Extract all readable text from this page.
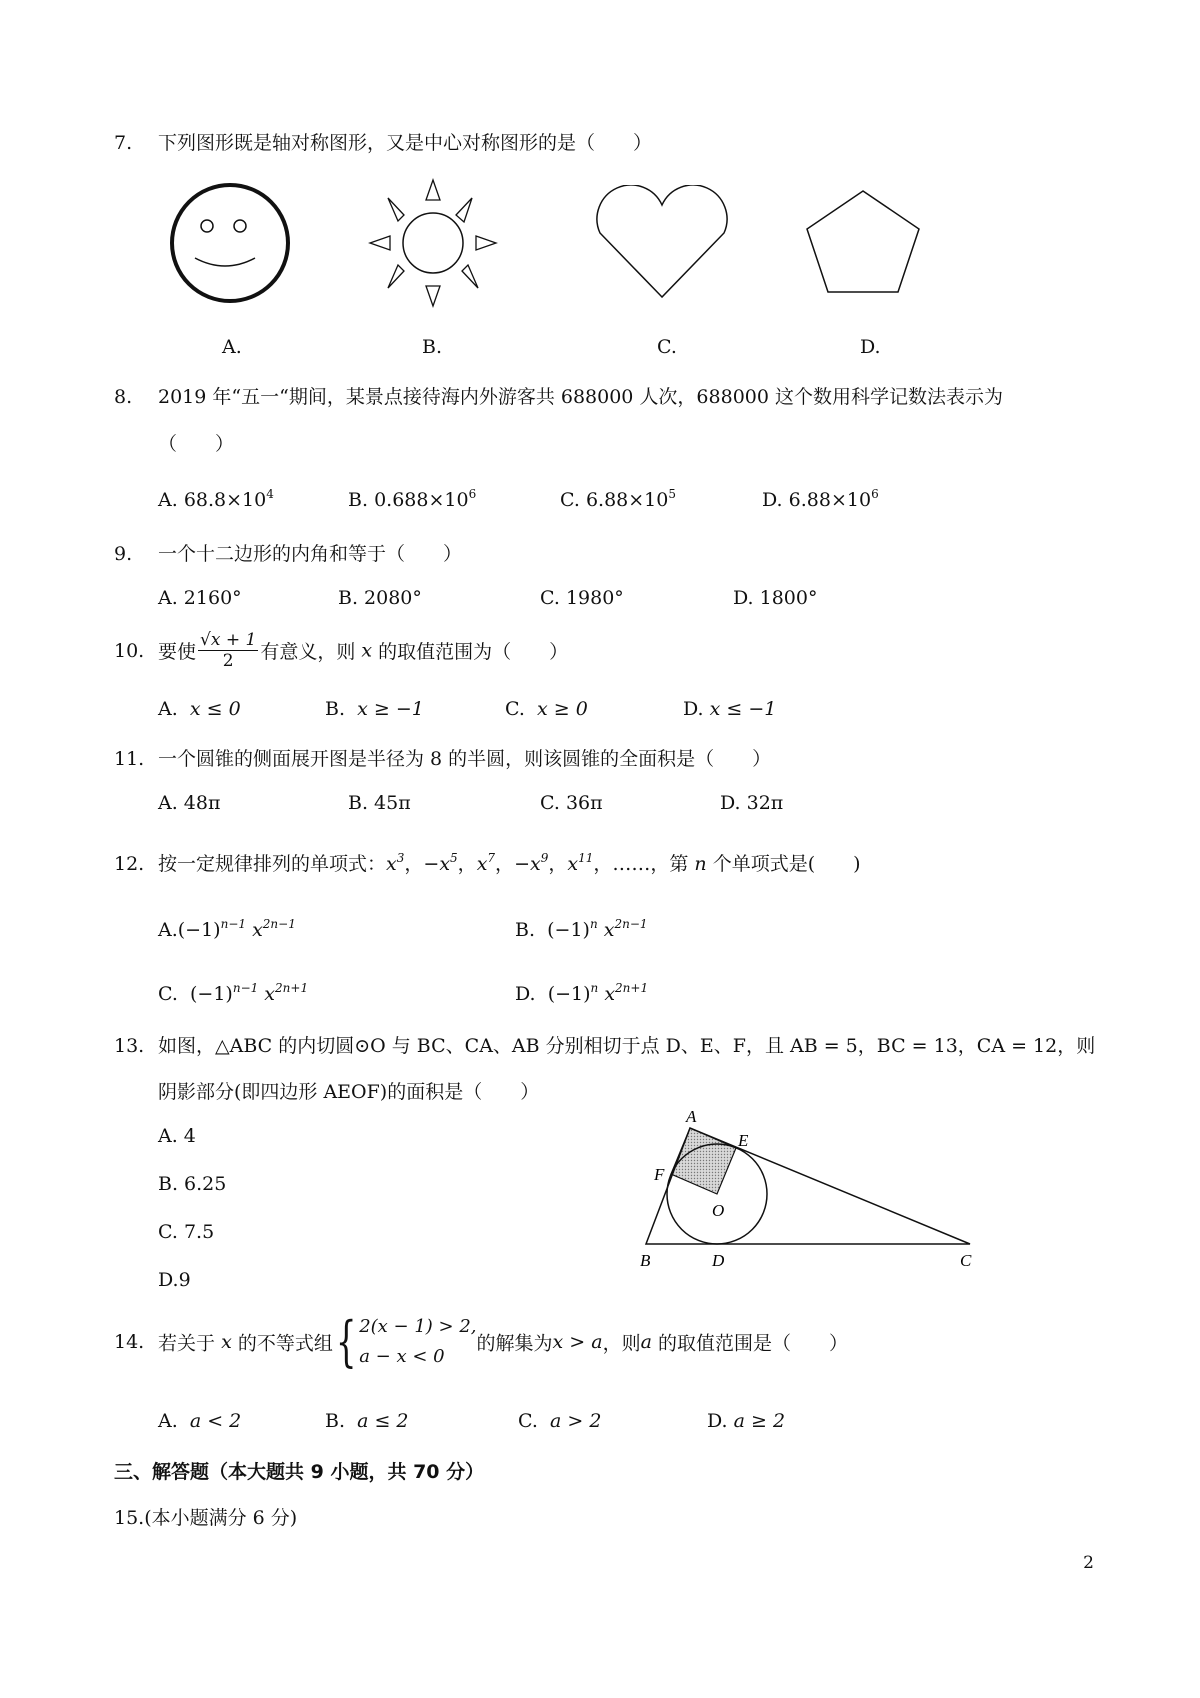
7. 下列图形既是轴对称图形，又是中心对称图形的是（　　）
A.	B.	C.	D.
8. 2019 年“五一“期间，某景点接待海内外游客共 688000 人次，688000 这个数用科学记数法表示为
（　　）
A. $68.8\times 10^4$	B. $0.688\times 10^6$	C. $6.88\times 10^5$	D. $6.88\times 10^6$
9. 一个十二边形的内角和等于（　　）
A. 2160°	B. 2080°	C. 1980°	D. 1800°
10. 要使 $\frac{√x + 1}{2}$ 有意义，则 x 的取值范围为（　　）
A. x ≤ 0	B. x ≥ −1	C. x ≥ 0	D. x ≤ −1
11. 一个圆锥的侧面展开图是半径为 8 的半圆，则该圆锥的全面积是（　　）
A. 48π	B. 45π	C. 36π	D. 32π
12. 按一定规律排列的单项式：$x^3$，$-x^5$，$x^7$，$-x^9$，$x^{11}$，……，第 n 个单项式是(　　)
$A.(-1)^{n-1}$ $x^{2n-1}$	B. $(-1)^n$ $x^{2n-1}$
C. $(-1)^{n-1}$ $x^{2n+1}$	D. $(-1)^n$ $x^{2n+1}$
13. 如图，△ABC 的内切圆⊙O 与 BC、CA、AB 分别相切于点 D、E、F，且 AB = 5，BC = 13，CA = 12，则
阴影部分(即四边形 AEOF)的面积是（　　）
A. 4
B. 6.25
C. 7.5
D.9
A
E
F
O
B	D	C
14. 若关于 x 的不等式组{ 2(x − 1) > 2,
a − x < 0
的解集为x > a，则a 的取值范围是（　　）
A. a < 2	B. a ≤ 2	C. a > 2	D. a ≥ 2
三、解答题（本大题共 9 小题，共 70 分）
15.(本小题满分 6 分)
2
